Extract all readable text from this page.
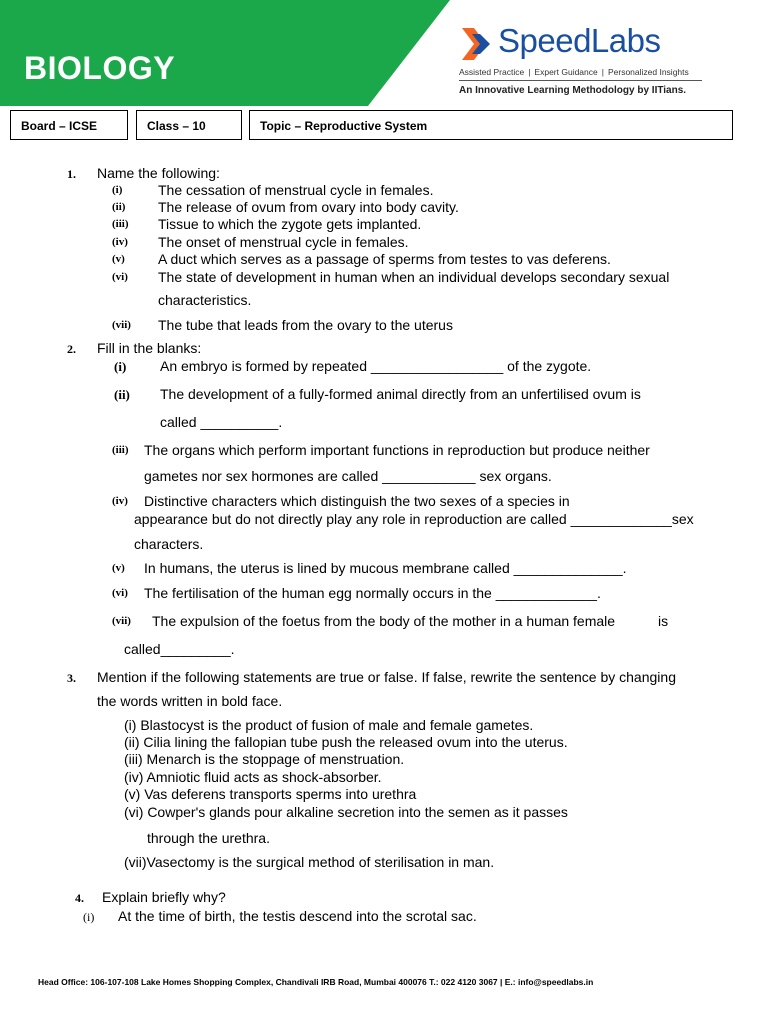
BIOLOGY
SpeedLabs
Assisted Practice | Expert Guidance | Personalized Insights
An Innovative Learning Methodology by IITians.
Board – ICSE	Class – 10	Topic – Reproductive System
1. Name the following:
(i)	The cessation of menstrual cycle in females.
(ii) The release of ovum from ovary into body cavity.
(iii) Tissue to which the zygote gets implanted.
(iv) The onset of menstrual cycle in females.
(v) A duct which serves as a passage of sperms from testes to vas deferens.
(vi) The state of development in human when an individual develops secondary sexual
characteristics.
(vii) The tube that leads from the ovary to the uterus
2. Fill in the blanks:
(i) An embryo is formed by repeated _________________ of the zygote.
(ii) The development of a fully-formed animal directly from an unfertilised ovum is
called __________.
(iii) The organs which perform important functions in reproduction but produce neither
gametes nor sex hormones are called ____________ sex organs.
(iv) Distinctive characters which distinguish the two sexes of a species in
appearance but do not directly play any role in reproduction are called _____________sex
characters.
(v) In humans, the uterus is lined by mucous membrane called ______________.
(vi) The fertilisation of the human egg normally occurs in the _____________.
(vii) The expulsion of the foetus from the body of the mother in a human female	is
called_________.
3. Mention if the following statements are true or false. If false, rewrite the sentence by changing
the words written in bold face.
(i) Blastocyst is the product of fusion of male and female gametes.
(ii) Cilia lining the fallopian tube push the released ovum into the uterus.
(iii) Menarch is the stoppage of menstruation.
(iv) Amniotic fluid acts as shock-absorber.
(v) Vas deferens transports sperms into urethra
(vi) Cowper's glands pour alkaline secretion into the semen as it passes
through the urethra.
(vii)Vasectomy is the surgical method of sterilisation in man.
4. Explain briefly why?
(i) At the time of birth, the testis descend into the scrotal sac.
Head Office: 106-107-108 Lake Homes Shopping Complex, Chandivali IRB Road, Mumbai 400076 T.: 022 4120 3067 | E.: info@speedlabs.in
